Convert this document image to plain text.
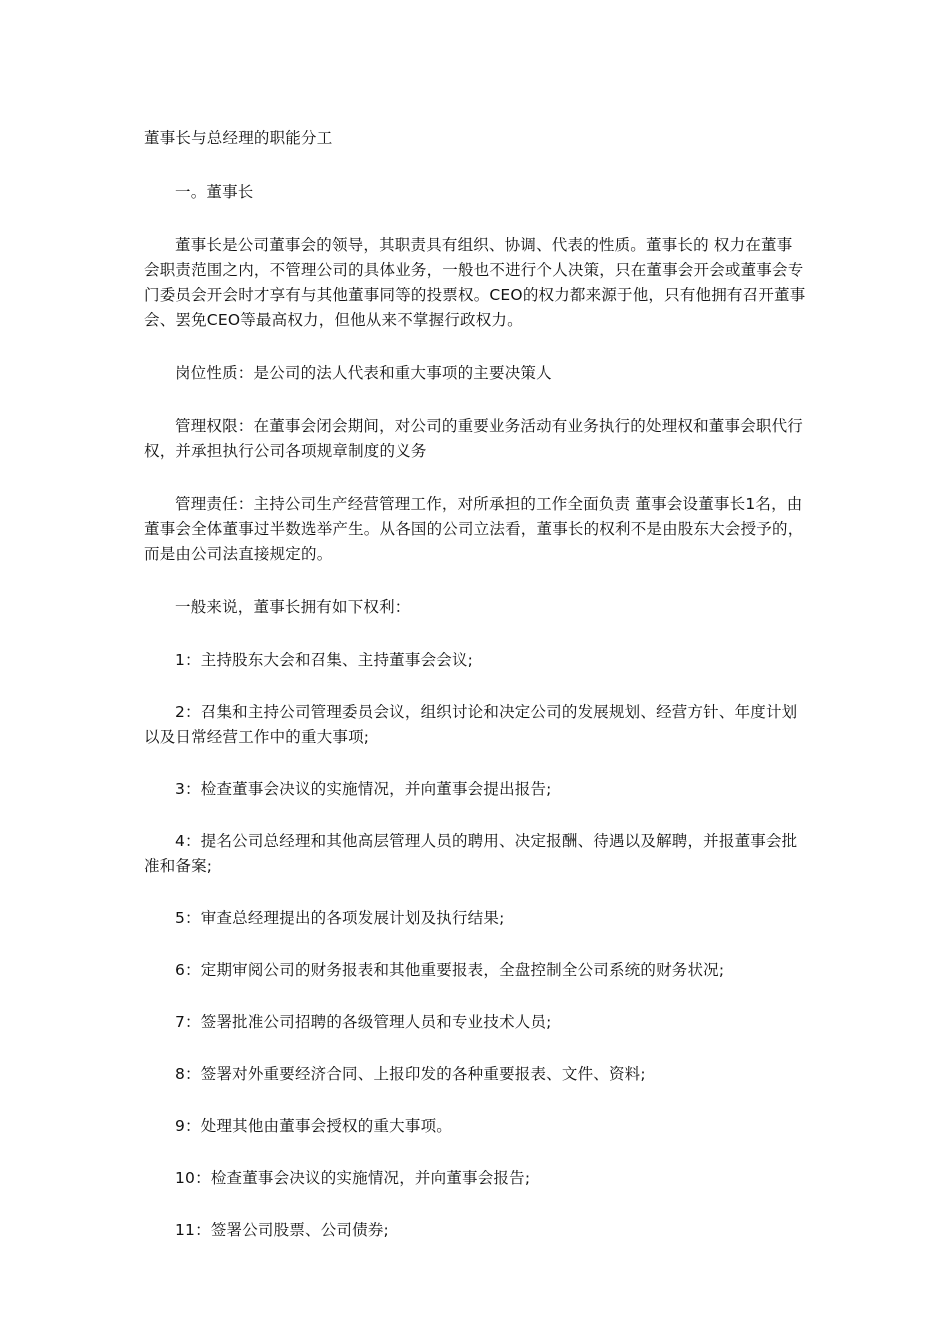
董事长与总经理的职能分工

一。董事长

董事长是公司董事会的领导，其职责具有组织、协调、代表的性质。董事长的 权力在董事会职责范围之内，不管理公司的具体业务，一般也不进行个人决策，只在董事会开会或董事会专门委员会开会时才享有与其他董事同等的投票权。CEO的权力都来源于他，只有他拥有召开董事会、罢免CEO等最高权力，但他从来不掌握行政权力。

岗位性质：是公司的法人代表和重大事项的主要决策人

管理权限：在董事会闭会期间，对公司的重要业务活动有业务执行的处理权和董事会职代行权，并承担执行公司各项规章制度的义务

管理责任：主持公司生产经营管理工作，对所承担的工作全面负责 董事会设董事长1名，由董事会全体董事过半数选举产生。从各国的公司立法看，董事长的权利不是由股东大会授予的，而是由公司法直接规定的。

一般来说，董事长拥有如下权利：

1：主持股东大会和召集、主持董事会会议;

2：召集和主持公司管理委员会议，组织讨论和决定公司的发展规划、经营方针、年度计划以及日常经营工作中的重大事项;

3：检查董事会决议的实施情况，并向董事会提出报告;

4：提名公司总经理和其他高层管理人员的聘用、决定报酬、待遇以及解聘，并报董事会批准和备案;

5：审查总经理提出的各项发展计划及执行结果;

6：定期审阅公司的财务报表和其他重要报表，全盘控制全公司系统的财务状况;

7：签署批准公司招聘的各级管理人员和专业技术人员;

8：签署对外重要经济合同、上报印发的各种重要报表、文件、资料;

9：处理其他由董事会授权的重大事项。

10：检查董事会决议的实施情况，并向董事会报告;

11：签署公司股票、公司债券;
